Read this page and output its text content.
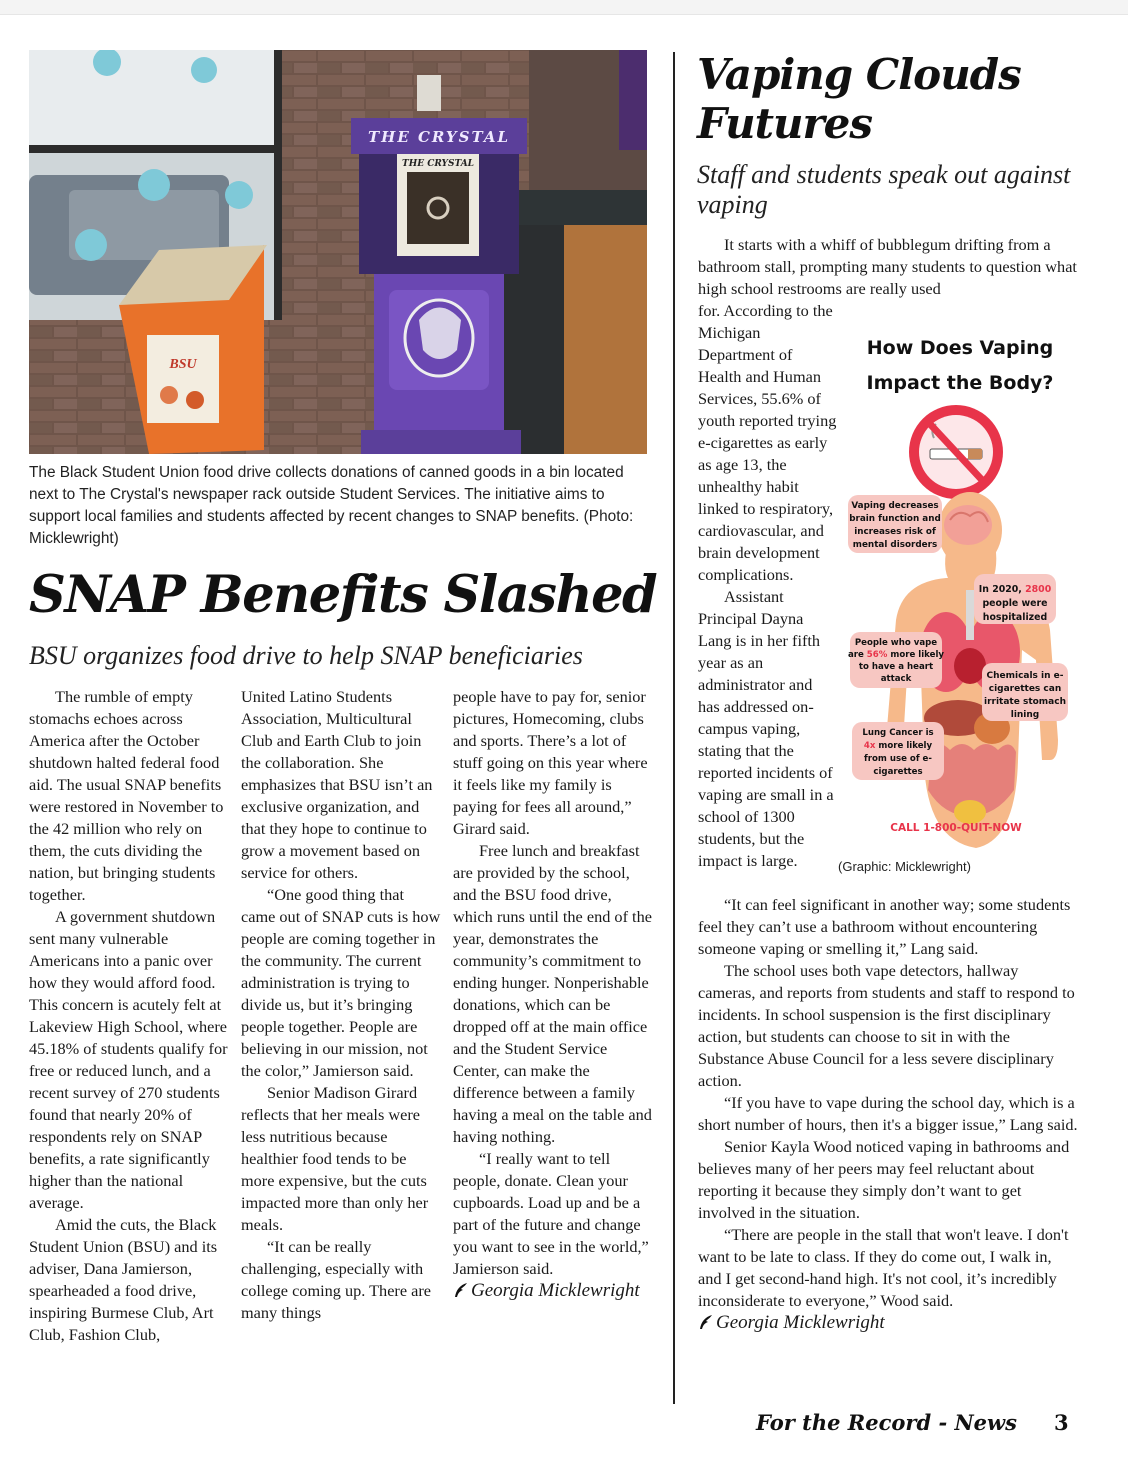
BSU
THE CRYSTAL
THE CRYSTAL
The Black Student Union food drive collects donations of canned goods in a bin located next to The Crystal's newspaper rack outside Student Services. The initiative aims to support local families and students affected by recent changes to SNAP benefits. (Photo: Micklewright)
SNAP Benefits Slashed
BSU organizes food drive to help SNAP beneficiaries

The rumble of empty stomachs echoes across America after the October shutdown halted federal food aid. The usual SNAP benefits were restored in November to the 42 million who rely on them, the cuts dividing the nation, but bringing students together.

A government shutdown sent many vulnerable Americans into a panic over how they would afford food. This concern is acutely felt at Lakeview High School, where 45.18% of students qualify for free or reduced lunch, and a recent survey of 270 students found that nearly 20% of respondents rely on SNAP benefits, a rate significantly higher than the national average.

Amid the cuts, the Black Student Union (BSU) and its adviser, Dana Jamierson, spearheaded a food drive, inspiring Burmese Club, Art Club, Fashion Club,

United Latino Students Association, Multicultural Club and Earth Club to join the collaboration. She emphasizes that BSU isn’t an exclusive organization, and that they hope to continue to grow a movement based on service for others.

“One good thing that came out of SNAP cuts is how people are coming together in the community. The current administration is trying to divide us, but it’s bringing people together. People are believing in our mission, not the color,” Jamierson said.

Senior Madison Girard reflects that her meals were less nutritious because healthier food tends to be more expensive, but the cuts impacted more than only her meals.

“It can be really challenging, especially with college coming up. There are many things

people have to pay for, senior pictures, Homecoming, clubs and sports. There’s a lot of stuff going on this year where it feels like my family is paying for fees all around,” Girard said.

Free lunch and breakfast are provided by the school, and the BSU food drive, which runs until the end of the year, demonstrates the community’s commitment to ending hunger. Nonperishable donations, which can be dropped off at the main office and the Student Service Center, can make the difference between a family having a meal on the table and having nothing.

“I really want to tell people, donate. Clean your cupboards. Load up and be a part of the future and change you want to see in the world,” Jamierson said.

Georgia Micklewright
Vaping Clouds Futures
Staff and students speak out against vaping

It starts with a whiff of bubblegum drifting from a bathroom stall, prompting many students to question what high school restrooms are really used

for. According to the Michigan Department of Health and Human Services, 55.6% of youth reported trying e-cigarettes as early as age 13, the unhealthy habit linked to respiratory, cardiovascular, and brain development complications.

Assistant Principal Dayna Lang is in her fifth year as an administrator and has addressed on-campus vaping, stating that the reported incidents of vaping are small in a school of 1300 students, but the impact is large.

How Does Vaping
Impact the Body?
Vaping decreases
brain function and
increases risk of
mental disorders
In 2020, 2800
people were
hospitalized
People who vape
are 56% more likely
to have a heart
attack	Chemicals in e-
cigarettes can
irritate stomach
lining
Lung Cancer is
4x more likely
from use of e-
cigarettes
CALL 1-800-QUIT-NOW
(Graphic: Micklewright)

“It can feel significant in another way; some students feel they can’t use a bathroom without encountering someone vaping or smelling it,” Lang said.

The school uses both vape detectors, hallway cameras, and reports from students and staff to respond to incidents. In school suspension is the first disciplinary action, but students can choose to sit in with the Substance Abuse Council for a less severe disciplinary action.

“If you have to vape during the school day, which is a short number of hours, then it's a bigger issue,” Lang said.

Senior Kayla Wood noticed vaping in bathrooms and believes many of her peers may feel reluctant about reporting it because they simply don’t want to get involved in the situation.

“There are people in the stall that won't leave. I don't want to be late to class. If they do come out, I walk in, and I get second-hand high. It's not cool, it’s incredibly inconsiderate to everyone,” Wood said.

Georgia Micklewright
For the Record - News 3
